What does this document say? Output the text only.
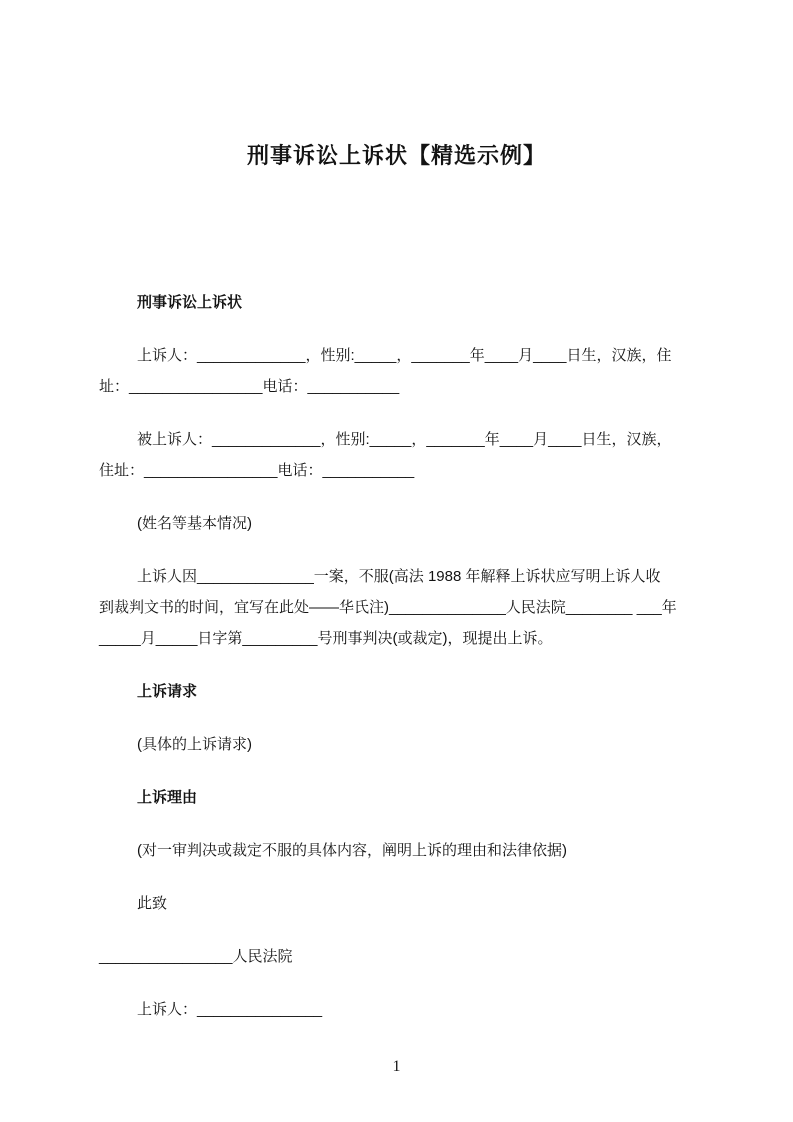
刑事诉讼上诉状【精选示例】
刑事诉讼上诉状
上诉人：_____________，性别:_____，_______年____月____日生，汉族，住
址：________________电话：___________
被上诉人：_____________，性别:_____，_______年____月____日生，汉族，
住址：________________电话：___________
(姓名等基本情况)
上诉人因______________一案，不服(高法 1988 年解释上诉状应写明上诉人收
到裁判文书的时间，宜写在此处——华氏注)______________人民法院________ ___年
_____月_____日字第_________号刑事判决(或裁定)，现提出上诉。
上诉请求
(具体的上诉请求)
上诉理由
(对一审判决或裁定不服的具体内容，阐明上诉的理由和法律依据)
此致
________________人民法院
上诉人：_______________
1
